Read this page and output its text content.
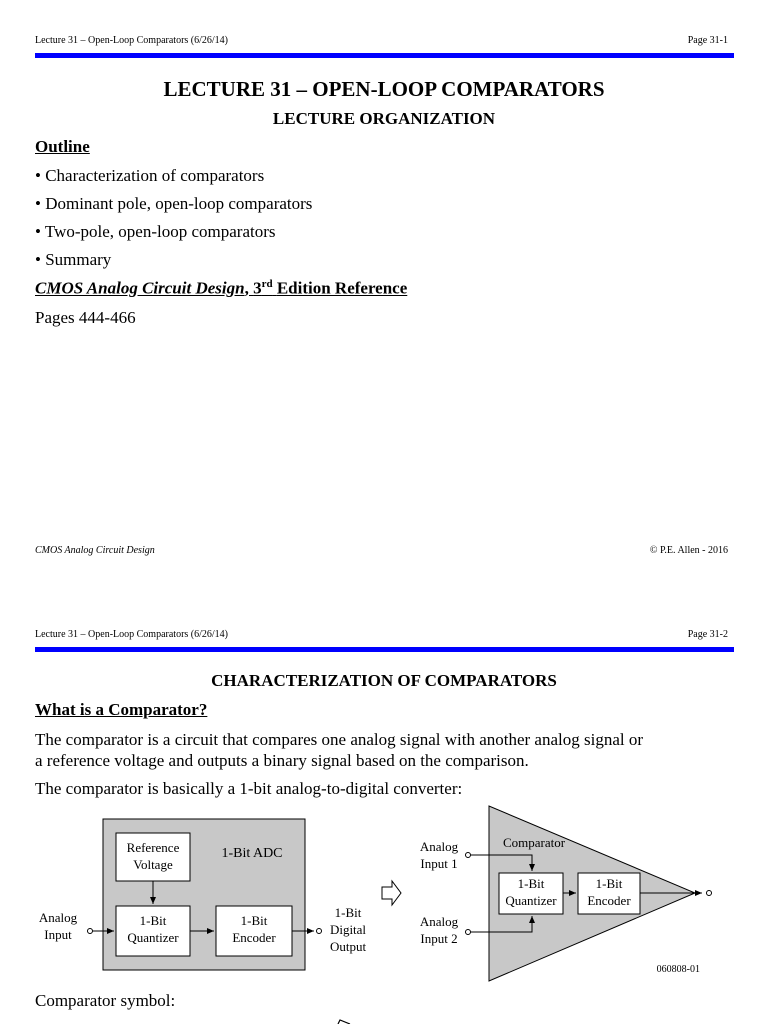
Lecture 31 – Open-Loop Comparators (6/26/14)	Page 31-1
LECTURE 31 – OPEN-LOOP COMPARATORS
LECTURE ORGANIZATION
Outline
• Characterization of comparators
• Dominant pole, open-loop comparators
• Two-pole, open-loop comparators
• Summary
CMOS Analog Circuit Design, 3rd Edition Reference
Pages 444-466
CMOS Analog Circuit Design	© P.E. Allen - 2016
Lecture 31 – Open-Loop Comparators (6/26/14)	Page 31-2
CHARACTERIZATION OF COMPARATORS
What is a Comparator?
The comparator is a circuit that compares one analog signal with another analog signal or
a reference voltage and outputs a binary signal based on the comparison.
The comparator is basically a 1-bit analog-to-digital converter:
1-Bit ADC
Reference
Voltage
1-Bit
Quantizer
1-Bit
Encoder
Analog
Input
1-Bit
Digital
Output
Comparator
Analog
Input 1
Analog
Input 2
1-Bit
Quantizer
1-Bit
Encoder
060808-01
Comparator symbol:
